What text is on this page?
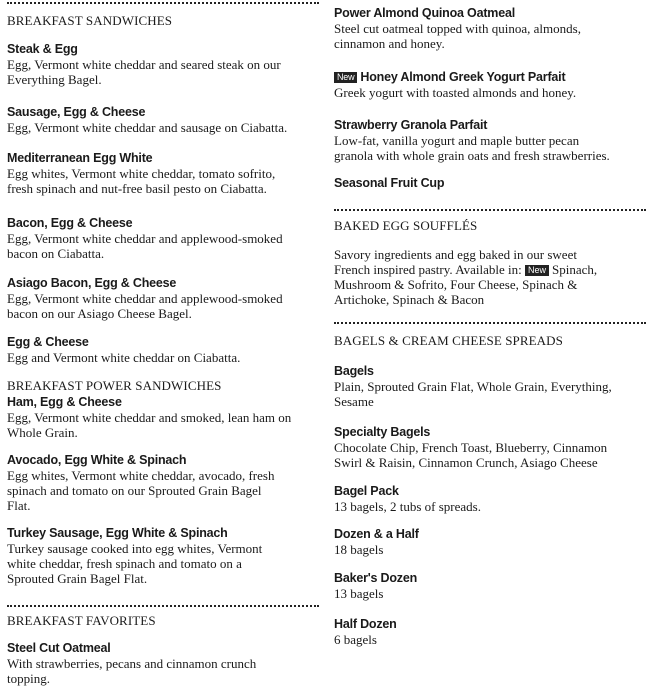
BREAKFAST SANDWICHES
Steak & Egg
Egg, Vermont white cheddar and seared steak on our
Everything Bagel.
Sausage, Egg & Cheese
Egg, Vermont white cheddar and sausage on Ciabatta.
Mediterranean Egg White
Egg whites, Vermont white cheddar, tomato sofrito,
fresh spinach and nut-free basil pesto on Ciabatta.
Bacon, Egg & Cheese
Egg, Vermont white cheddar and applewood-smoked
bacon on Ciabatta.
Asiago Bacon, Egg & Cheese
Egg, Vermont white cheddar and applewood-smoked
bacon on our Asiago Cheese Bagel.
Egg & Cheese
Egg and Vermont white cheddar on Ciabatta.
BREAKFAST POWER SANDWICHES
Ham, Egg & Cheese
Egg, Vermont white cheddar and smoked, lean ham on
Whole Grain.
Avocado, Egg White & Spinach
Egg whites, Vermont white cheddar, avocado, fresh
spinach and tomato on our Sprouted Grain Bagel
Flat.
Turkey Sausage, Egg White & Spinach
Turkey sausage cooked into egg whites, Vermont
white cheddar, fresh spinach and tomato on a
Sprouted Grain Bagel Flat.
BREAKFAST FAVORITES
Steel Cut Oatmeal
With strawberries, pecans and cinnamon crunch
topping.
Power Almond Quinoa Oatmeal
Steel cut oatmeal topped with quinoa, almonds,
cinnamon and honey.
New Honey Almond Greek Yogurt Parfait
Greek yogurt with toasted almonds and honey.
Strawberry Granola Parfait
Low-fat, vanilla yogurt and maple butter pecan
granola with whole grain oats and fresh strawberries.
Seasonal Fruit Cup
BAKED EGG SOUFFLÉS
Savory ingredients and egg baked in our sweet
French inspired pastry. Available in: New Spinach,
Mushroom & Sofrito, Four Cheese, Spinach &
Artichoke, Spinach & Bacon
BAGELS & CREAM CHEESE SPREADS
Bagels
Plain, Sprouted Grain Flat, Whole Grain, Everything,
Sesame
Specialty Bagels
Chocolate Chip, French Toast, Blueberry, Cinnamon
Swirl & Raisin, Cinnamon Crunch, Asiago Cheese
Bagel Pack
13 bagels, 2 tubs of spreads.
Dozen & a Half
18 bagels
Baker's Dozen
13 bagels
Half Dozen
6 bagels
